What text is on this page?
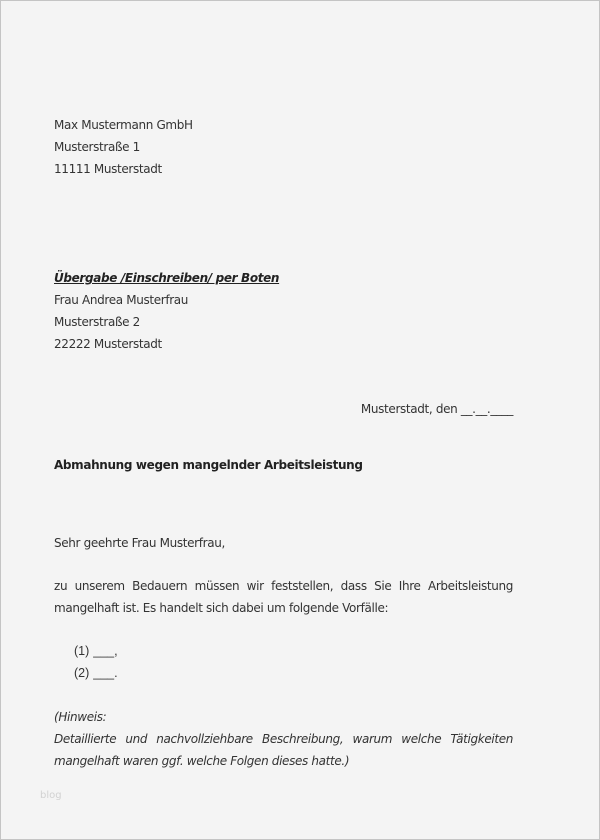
Max Mustermann GmbH
Musterstraße 1
11111 Musterstadt
Übergabe /Einschreiben/ per Boten
Frau Andrea Musterfrau
Musterstraße 2
22222 Musterstadt
Musterstadt, den __.__.____
Abmahnung wegen mangelnder Arbeitsleistung
Sehr geehrte Frau Musterfrau,
zu unserem Bedauern müssen wir feststellen, dass Sie Ihre Arbeitsleistung
mangelhaft ist. Es handelt sich dabei um folgende Vorfälle:
(1) ___,
(2) ___.
(Hinweis:
Detaillierte und nachvollziehbare Beschreibung, warum welche Tätigkeiten
mangelhaft waren ggf. welche Folgen dieses hatte.)
blog
